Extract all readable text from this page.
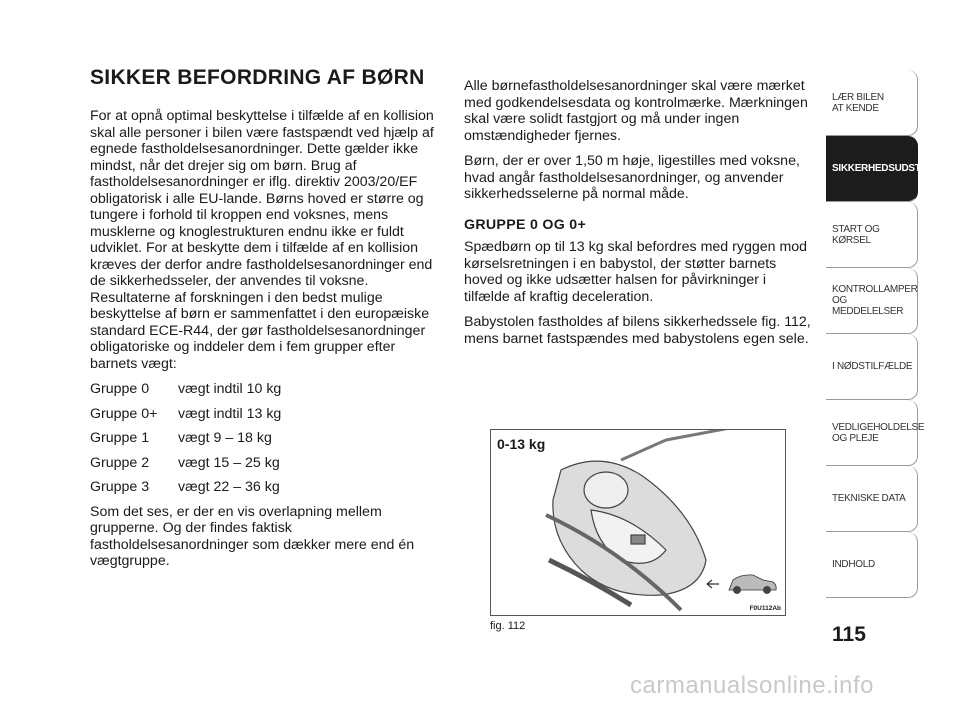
SIKKER BEFORDRING AF BØRN

For at opnå optimal beskyttelse i tilfælde af en kollision skal alle personer i bilen være fastspændt ved hjælp af egnede fastholdelsesanordninger. Dette gælder ikke mindst, når det drejer sig om børn. Brug af fastholdelsesanordninger er iflg. direktiv 2003/20/EF obligatorisk i alle EU-lande. Børns hoved er større og tungere i forhold til kroppen end voksnes, mens musklerne og knoglestrukturen endnu ikke er fuldt udviklet. For at beskytte dem i tilfælde af en kollision kræves der derfor andre fastholdelsesanordninger end de sikkerhedsseler, der anvendes til voksne. Resultaterne af forskningen i den bedst mulige beskyttelse af børn er sammenfattet i den europæiske standard ECE-R44, der gør fastholdelsesanordninger obligatoriske og inddeler dem i fem grupper efter barnets vægt:

Gruppe 0	vægt indtil 10 kg
Gruppe 0+	vægt indtil 13 kg
Gruppe 1	vægt 9 – 18 kg
Gruppe 2	vægt 15 – 25 kg
Gruppe 3	vægt 22 – 36 kg

Som det ses, er der en vis overlapning mellem grupperne. Og der findes faktisk fastholdelsesanordninger som dækker mere end én vægtgruppe.

Alle børnefastholdelsesanordninger skal være mærket med godkendelsesdata og kontrolmærke. Mærkningen skal være solidt fastgjort og må under ingen omstændigheder fjernes.

Børn, der er over 1,50 m høje, ligestilles med voksne, hvad angår fastholdelsesanordninger, og anvender sikkerhedsselerne på normal måde.

GRUPPE 0 OG 0+

Spædbørn op til 13 kg skal befordres med ryggen mod kørselsretningen i en babystol, der støtter barnets hoved og ikke udsætter halsen for påvirkninger i tilfælde af kraftig deceleration.

Babystolen fastholdes af bilens sikkerhedssele fig. 112, mens barnet fastspændes med babystolens egen sele.

0-13 kg
F0U112Ab
fig. 112
LÆR BILEN
AT KENDE
SIKKERHEDSUDSTYR
START OG KØRSEL
KONTROLLAMPER
OG MEDDELELSER
I NØDSTILFÆLDE
VEDLIGEHOLDELSE
OG PLEJE
TEKNISKE DATA
INDHOLD
115
carmanualsonline.info
